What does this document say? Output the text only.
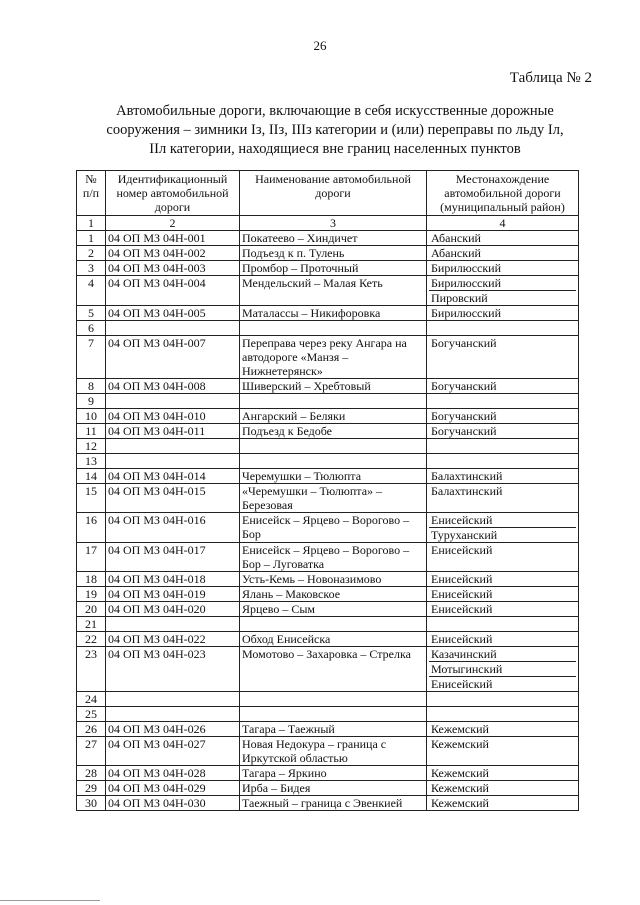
26
Таблица № 2
Автомобильные дороги, включающие в себя искусственные дорожные сооружения – зимники Iз, IIз, IIIз категории и (или) переправы по льду Iл, IIл категории, находящиеся вне границ населенных пунктов
№ п/п	Идентификационный номер автомобильной дороги	Наименование автомобильной дороги	Местонахождение автомобильной дороги (муниципальный район)
1	2	3	4
1	04 ОП МЗ 04Н-001	Покатеево – Хиндичет	Абанский

2	04 ОП МЗ 04Н-002	Подъезд к п. Тулень	Абанский

3	04 ОП МЗ 04Н-003	Промбор – Проточный	Бирилюсский

4	04 ОП МЗ 04Н-004	Мендельский – Малая Кеть	Бирилюсский
Пировский

5	04 ОП МЗ 04Н-005	Маталассы – Никифоровка	Бирилюсский

6			

7	04 ОП МЗ 04Н-007	Переправа через реку Ангара на автодороге «Манзя – Нижнетерянск»	Богучанский

8	04 ОП МЗ 04Н-008	Шиверский – Хребтовый	Богучанский

9			

10	04 ОП МЗ 04Н-010	Ангарский – Беляки	Богучанский

11	04 ОП МЗ 04Н-011	Подъезд к Бедобе	Богучанский

12			

13			

14	04 ОП МЗ 04Н-014	Черемушки – Тюлюпта	Балахтинский

15	04 ОП МЗ 04Н-015	«Черемушки – Тюлюпта» – Березовая	Балахтинский

16	04 ОП МЗ 04Н-016	Енисейск – Ярцево – Ворогово – Бор	Енисейский
Туруханский

17	04 ОП МЗ 04Н-017	Енисейск – Ярцево – Ворогово – Бор – Луговатка	Енисейский

18	04 ОП МЗ 04Н-018	Усть-Кемь – Новоназимово	Енисейский

19	04 ОП МЗ 04Н-019	Ялань – Маковское	Енисейский

20	04 ОП МЗ 04Н-020	Ярцево – Сым	Енисейский

21			

22	04 ОП МЗ 04Н-022	Обход Енисейска	Енисейский

23	04 ОП МЗ 04Н-023	Момотово – Захаровка – Стрелка	Казачинский
Мотыгинский
Енисейский

24			

25			

26	04 ОП МЗ 04Н-026	Тагара – Таежный	Кежемский

27	04 ОП МЗ 04Н-027	Новая Недокура – граница с Иркутской областью	Кежемский

28	04 ОП МЗ 04Н-028	Тагара – Яркино	Кежемский

29	04 ОП МЗ 04Н-029	Ирба – Бидея	Кежемский

30	04 ОП МЗ 04Н-030	Таежный – граница с Эвенкией	Кежемский
